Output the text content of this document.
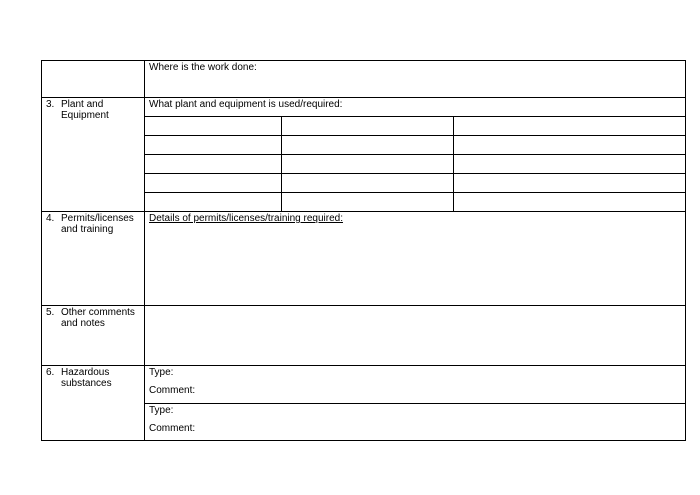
Where is the work done:
3. Plant and
Equipment
What plant and equipment is used/required:
4. Permits/licenses
and training
Details of permits/licenses/training required:
5. Other comments
and notes
6. Hazardous
substances
Type:
Comment:
Type:
Comment:
